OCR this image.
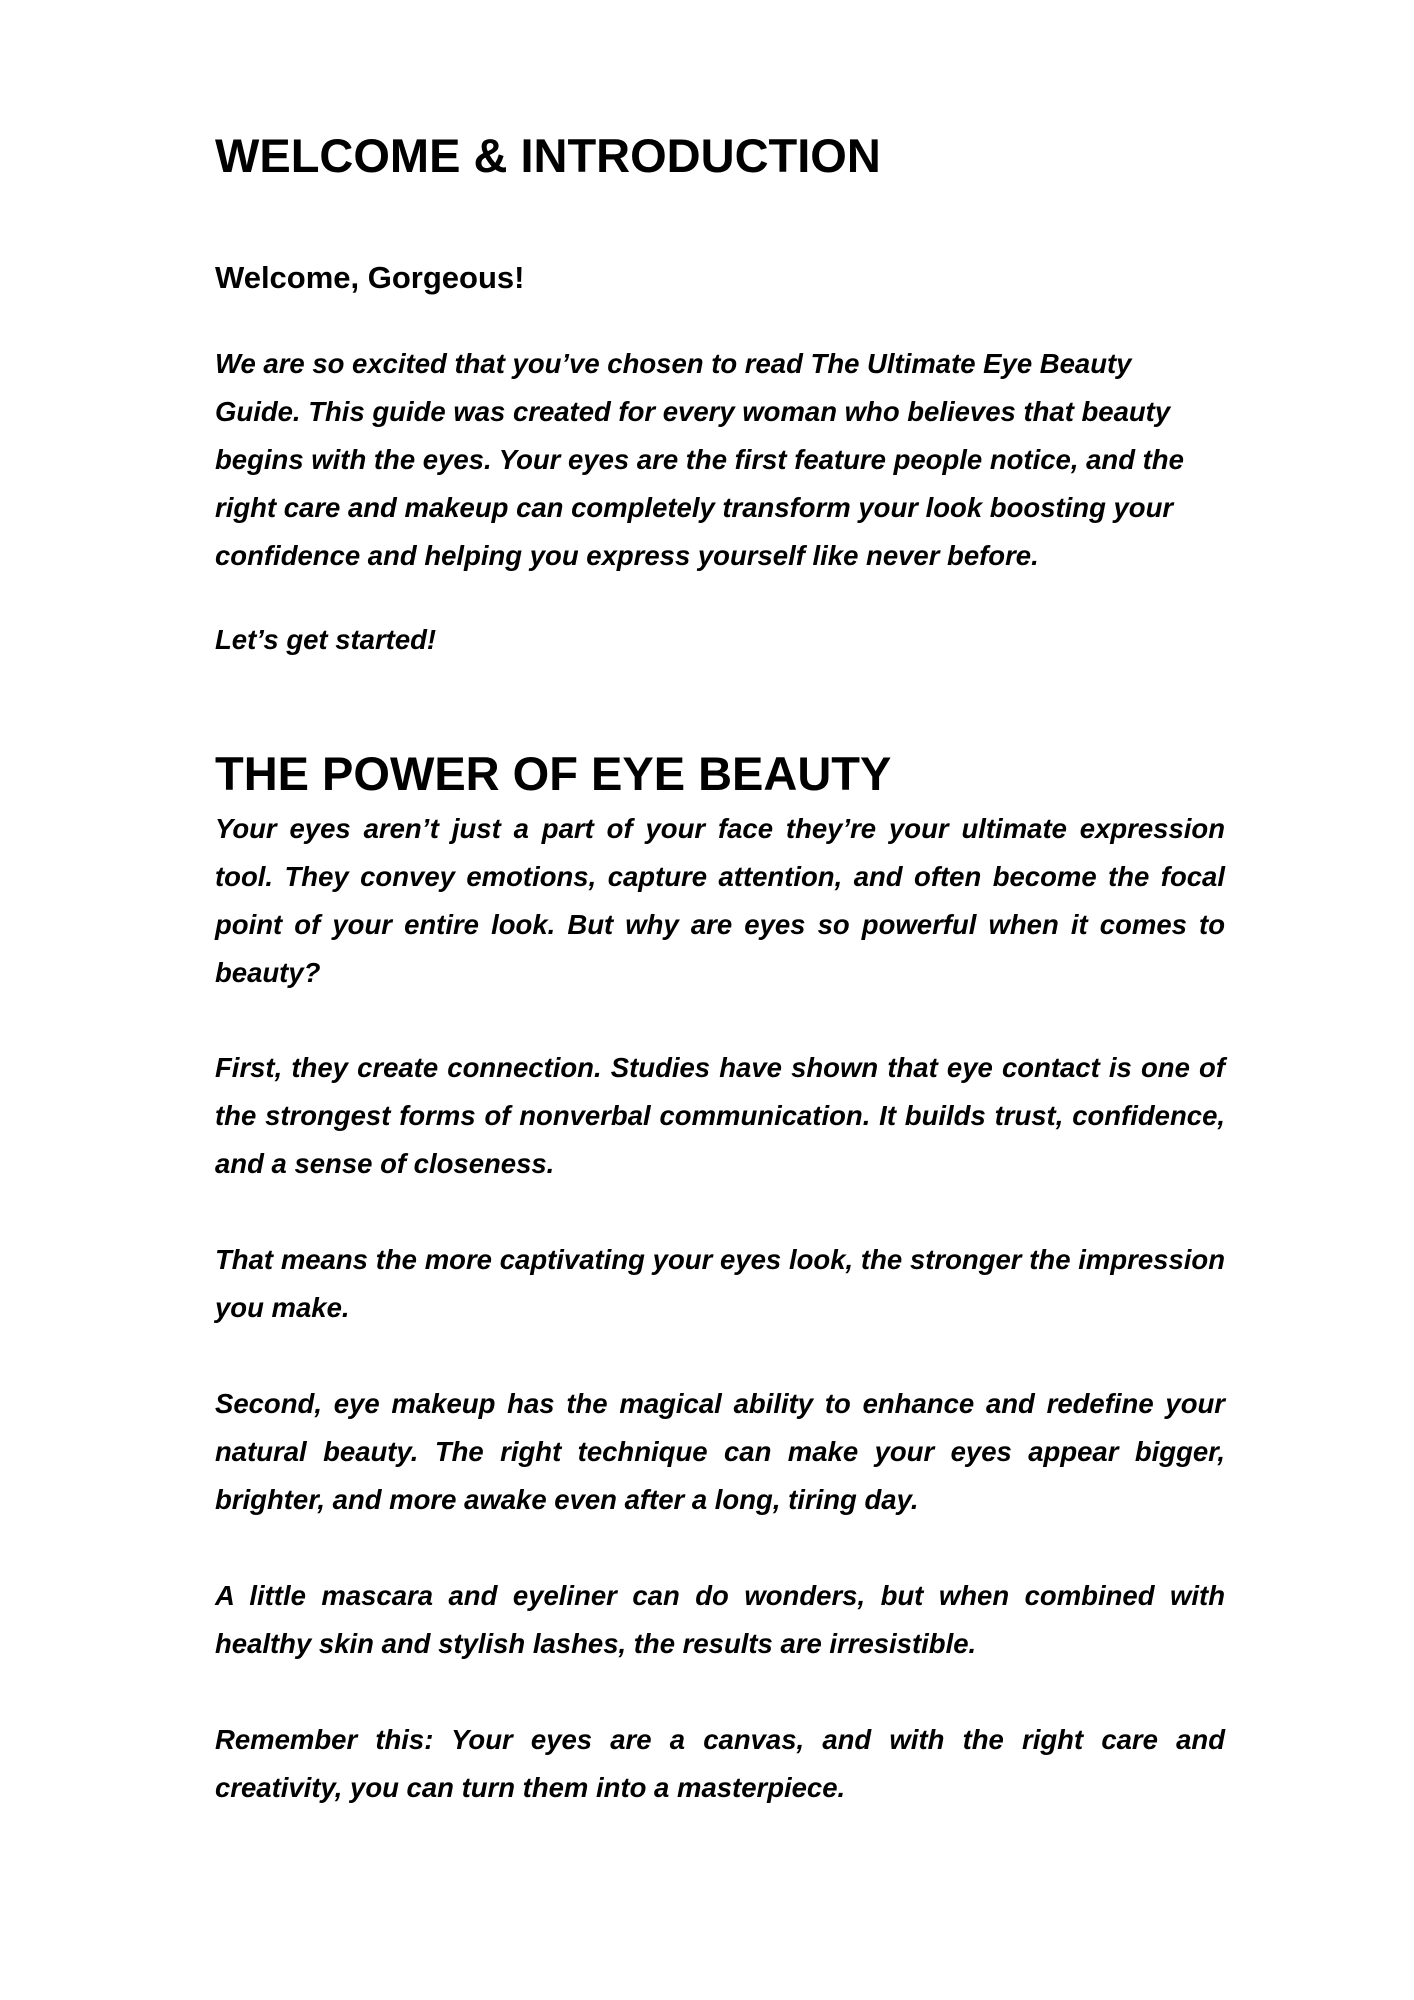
WELCOME & INTRODUCTION
Welcome, Gorgeous!

We are so excited that you’ve chosen to read The Ultimate Eye Beauty Guide. This guide was created for every woman who believes that beauty begins with the eyes. Your eyes are the first feature people notice, and the right care and makeup can completely transform your look boosting your confidence and helping you express yourself like never before.

Let’s get started!

THE POWER OF EYE BEAUTY

Your eyes aren’t just a part of your face they’re your ultimate expression tool. They convey emotions, capture attention, and often become the focal point of your entire look. But why are eyes so powerful when it comes to beauty?

First, they create connection. Studies have shown that eye contact is one of the strongest forms of nonverbal communication. It builds trust, confidence, and a sense of closeness.

That means the more captivating your eyes look, the stronger the impression you make.

Second, eye makeup has the magical ability to enhance and redefine your natural beauty. The right technique can make your eyes appear bigger, brighter, and more awake even after a long, tiring day.

A little mascara and eyeliner can do wonders, but when combined with healthy skin and stylish lashes, the results are irresistible.

Remember this: Your eyes are a canvas, and with the right care and creativity, you can turn them into a masterpiece.
